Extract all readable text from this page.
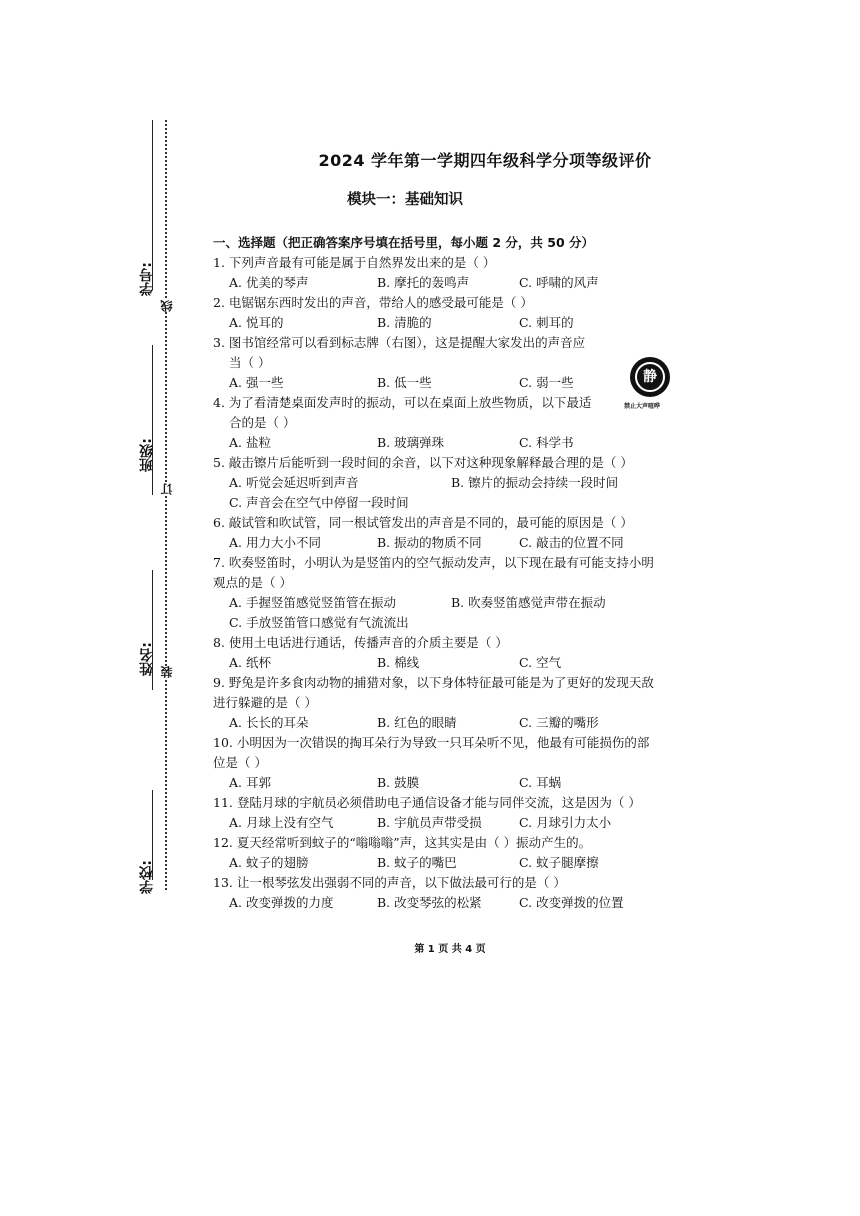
学号:
班级:
姓名:
学校:
线
订
装
2024 学年第一学期四年级科学分项等级评价
模块一：基础知识
静
禁止大声喧哗
一、选择题（把正确答案序号填在括号里，每小题 2 分，共 50 分）
1. 下列声音最有可能是属于自然界发出来的是（ ）
A. 优美的琴声	B. 摩托的轰鸣声	C. 呼啸的风声
2. 电锯锯东西时发出的声音，带给人的感受最可能是（ ）
A. 悦耳的	B. 清脆的	C. 刺耳的
3. 图书馆经常可以看到标志牌（右图），这是提醒大家发出的声音应
当（ ）
A. 强一些	B. 低一些	C. 弱一些
4. 为了看清楚桌面发声时的振动，可以在桌面上放些物质，以下最适
合的是（ ）
A. 盐粒	B. 玻璃弹珠	C. 科学书
5. 敲击镲片后能听到一段时间的余音，以下对这种现象解释最合理的是（ ）
A. 听觉会延迟听到声音	B. 镲片的振动会持续一段时间
C. 声音会在空气中停留一段时间
6. 敲试管和吹试管，同一根试管发出的声音是不同的，最可能的原因是（ ）
A. 用力大小不同	B. 振动的物质不同	C. 敲击的位置不同
7. 吹奏竖笛时，小明认为是竖笛内的空气振动发声，以下现在最有可能支持小明
观点的是（ ）
A. 手握竖笛感觉竖笛管在振动	B. 吹奏竖笛感觉声带在振动
C. 手放竖笛管口感觉有气流流出
8. 使用土电话进行通话，传播声音的介质主要是（ ）
A. 纸杯	B. 棉线	C. 空气
9. 野兔是许多食肉动物的捕猎对象，以下身体特征最可能是为了更好的发现天敌
进行躲避的是（ ）
A. 长长的耳朵	B. 红色的眼睛	C. 三瓣的嘴形
10. 小明因为一次错误的掏耳朵行为导致一只耳朵听不见，他最有可能损伤的部
位是（ ）
A. 耳郭	B. 鼓膜	C. 耳蜗
11. 登陆月球的宇航员必须借助电子通信设备才能与同伴交流，这是因为（ ）
A. 月球上没有空气	B. 宇航员声带受损	C. 月球引力太小
12. 夏天经常听到蚊子的“嗡嗡嗡”声，这其实是由（ ）振动产生的。
A. 蚊子的翅膀	B. 蚊子的嘴巴	C. 蚊子腿摩擦
13. 让一根琴弦发出强弱不同的声音，以下做法最可行的是（ ）
A. 改变弹拨的力度	B. 改变琴弦的松紧	C. 改变弹拨的位置
第 1 页 共 4 页
